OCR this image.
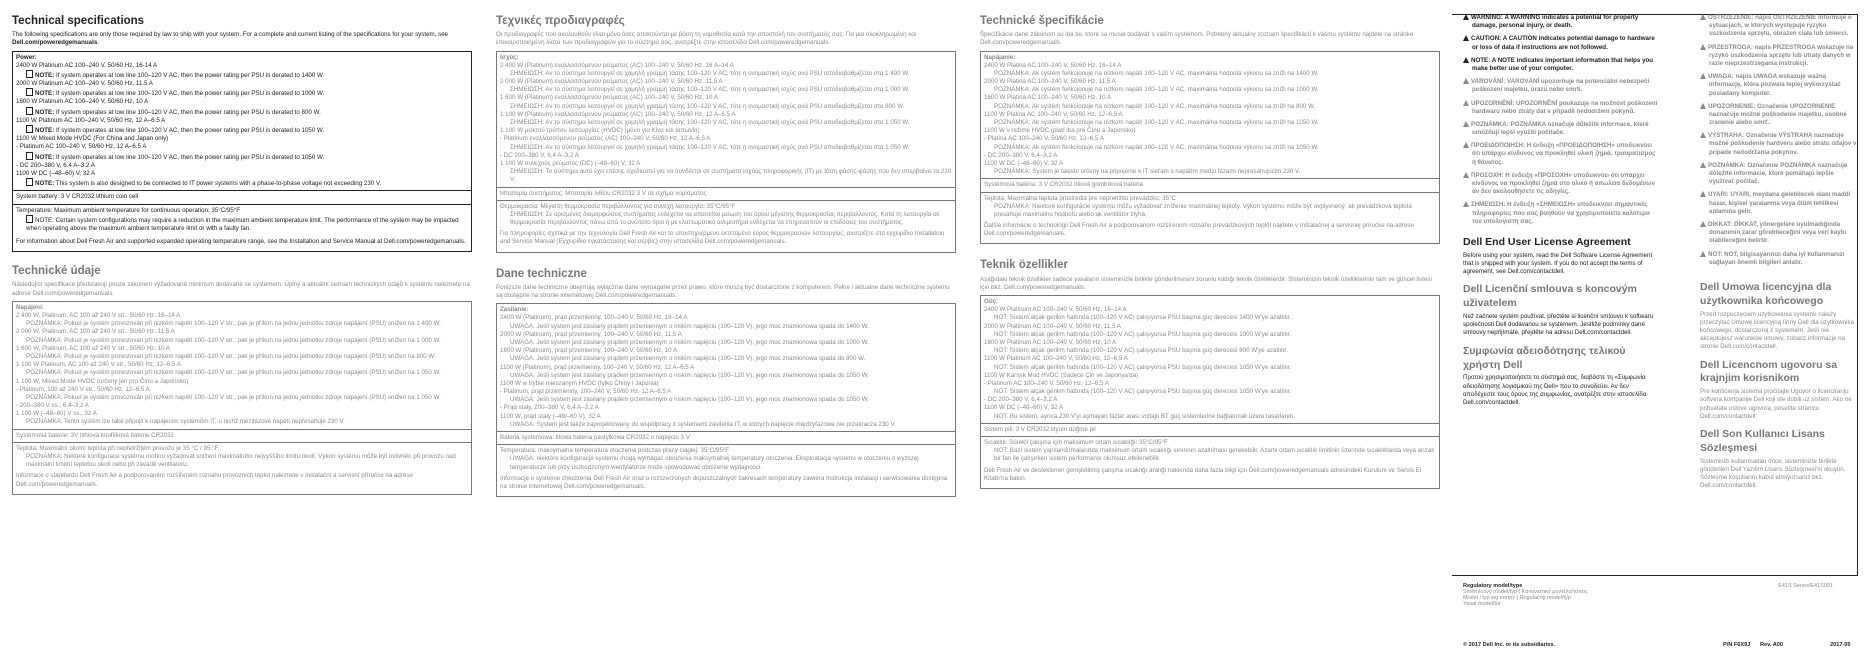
Technical specifications

The following specifications are only those required by law to ship with your system. For a complete and current listing of the specifications for your system, see Dell.com/poweredgemanuals.

Power:
2400 W Platinum AC 100–240 V, 50/60 Hz, 16-14 A
NOTE: If system operates at low line 100–120 V AC, then the power rating per PSU is derated to 1400 W.
2000 W Platinum AC 100–240 V, 50/60 Hz, 11.5 A
NOTE: If system operates at low line 100–120 V AC, then the power rating per PSU is derated to 1000 W.
1600 W Platinum AC 100–240 V, 50/60 Hz, 10 A
NOTE: If system operates at low line 100–120 V AC, then the power rating per PSU is derated to 800 W.
1100 W Platinum AC 100–240 V, 50/60 Hz, 12 A–6.5 A
NOTE: If system operates at low line 100–120 V AC, then the power rating per PSU is derated to 1050 W.
1100 W Mixed Mode HVDC (For China and Japan only)
- Platinum AC 100–240 V, 50/60 Hz, 12 A–6.5 A
NOTE: If system operates at low line 100–120 V AC, then the power rating per PSU is derated to 1050 W.
- DC 200–380 V, 6.4 A–3.2 A
1100 W DC (–48–60) V, 32 A
NOTE: This system is also designed to be connected to IT power systems with a phase-to-phase voltage not exceeding 230 V.
System battery: 3 V CR2032 lithium coin cell
Temperature: Maximum ambient temperature for continuous operation: 35°C/95°F
NOTE: Certain system configurations may require a reduction in the maximum ambient temperature limit. The performance of the system may be impacted when operating above the maximum ambient temperature limit or with a faulty fan.

For information about Dell Fresh Air and supported expanded operating temperature range, see the Installation and Service Manual at Dell.com/poweredgemanuals.

Technické údaje

Následující specifikace představují pouze zákonem vyžadované minimum dodávané se systémem. Úplný a aktuální seznam technických údajů k systému naleznete na adrese Dell.com/poweredgemanuals.

Napájení:
2 400 W, Platinum, AC 100 až 240 V str., 50/60 Hz, 16–14 A
POZNÁMKA: Pokud je systém provozován při nízkém napětí 100–120 V str., pak je příkon na jednu jednotku zdroje napájení (PSU) snížen na 1 400 W.
2 000 W, Platinum, AC 100 až 240 V str., 50/60 Hz, 11,5 A
POZNÁMKA: Pokud je systém provozován při nízkém napětí 100–120 V str., pak je příkon na jednu jednotku zdroje napájení (PSU) snížen na 1 000 W.
1 600 W, Platinum, AC 100 až 240 V str., 50/60 Hz, 10 A
POZNÁMKA: Pokud je systém provozován při nízkém napětí 100–120 V str., pak je příkon na jednu jednotku zdroje napájení (PSU) snížen na 800 W.
1 100 W Platinum, AC 100 až 240 V str., 50/60 Hz, 12–6,5 A
POZNÁMKA: Pokud je systém provozován při nízkém napětí 100–120 V str., pak je příkon na jednu jednotku zdroje napájení (PSU) snížen na 1 050 W.
1 100 W, Mixed Mode HVDC (určený jen pro Čínu a Japonsko)
- Platinum, 100 až 240 V str., 50/60 Hz, 12–6,5 A
POZNÁMKA: Pokud je systém provozován při nízkém napětí 100–120 V str., pak je příkon na jednu jednotku zdroje napájení (PSU) snížen na 1 050 W.
- 200–380 V ss., 6,4–3,2 A
1 100 W (–48–60) V ss., 32 A
POZNÁMKA: Tento systém lze také připojit k napájecím systémům IT, u nichž mezifázové napětí nepřesahuje 230 V.
Systémová baterie: 3V lithiová knoflíková baterie CR2032
Teplota: Maximální okolní teplota při nepřetržitém provozu je 35 °C / 95 °F.
POZNÁMKA: Některé konfigurace systému mohou vyžadovat snížení maximálního nejvyššího limitu okolí. Výkon systému může být ovlivněn při provozu nad maximální limitní teplotou okolí nebo při závadě ventilátoru.

Informace o standardu Dell Fresh Air a podporovaném rozšířeném rozsahu provozních teplot naleznete v instalační a servisní příručce na adrese Dell.com/poweredgemanuals.

Τεχνικές προδιαγραφές

Οι προδιαγραφές που ακολουθούν είναι μόνο όσες απαιτούνται με βάση τη νομοθεσία κατά την αποστολή του συστήματός σας. Για μια ολοκληρωμένη και επικαιροποιημένη λίστα των προδιαγραφών για το σύστημά σας, ανατρέξτε στην ιστοσελίδα Dell.com/poweredgemanuals.

Ισχύς:
2 400 W (Platinum) εναλλασσόμενου ρεύματος (AC) 100–240 V, 50/60 Hz, 16 A–14 A
ΣΗΜΕΙΩΣΗ: Αν το σύστημα λειτουργεί σε χαμηλή γραμμή τάσης 100–120 V AC, τότε η ονομαστική ισχύς ανά PSU αποδιαβαθμίζεται στα 1 400 W.
2 000 W (Platinum) εναλλασσόμενου ρεύματος (AC) 100–240 V, 50/60 Hz, 11,5 A
ΣΗΜΕΙΩΣΗ: Αν το σύστημα λειτουργεί σε χαμηλή γραμμή τάσης 100–120 V AC, τότε η ονομαστική ισχύς ανά PSU αποδιαβαθμίζεται στα 1 000 W.
1 600 W (Platinum) εναλλασσόμενου ρεύματος (AC) 100–240 V, 50/60 Hz, 10 A
ΣΗΜΕΙΩΣΗ: Αν το σύστημα λειτουργεί σε χαμηλή γραμμή τάσης 100–120 V AC, τότε η ονομαστική ισχύς ανά PSU αποδιαβαθμίζεται στα 800 W.
1 100 W (Platinum) εναλλασσόμενου ρεύματος (AC) 100–240 V, 50/60 Hz, 12 A–6,5 A
ΣΗΜΕΙΩΣΗ: Αν το σύστημα λειτουργεί σε χαμηλή γραμμή τάσης 100–120 V AC, τότε η ονομαστική ισχύς ανά PSU αποδιαβαθμίζεται στα 1 050 W.
1 100 W μεικτού τρόπου λειτουργίας (HVDC) (μόνο για Κίνα και Ιαπωνία)
- Platinum εναλλασσόμενου ρεύματος (AC) 100–240 V, 50/60 Hz, 12 A–6,5 A
ΣΗΜΕΙΩΣΗ: Αν το σύστημα λειτουργεί σε χαμηλή γραμμή τάσης 100–120 V AC, τότε η ονομαστική ισχύς ανά PSU αποδιαβαθμίζεται στα 1 050 W.
- DC 200–380 V, 6,4 A–3,2 A
1 100 W συνεχούς ρεύματος (DC) (–48–60) V, 32 A
ΣΗΜΕΙΩΣΗ: Το σύστημα αυτό έχει επίσης σχεδιαστεί για να συνδέεται σε συστήματα ισχύος πληροφορικής (IT) με τάση φάσης-φάσης που δεν υπερβαίνει τα 230 V.
Μπαταρία συστήματος: Μπαταρία λιθίου CR2032 3 V σε σχήμα νομίσματος
Θερμοκρασία: Μέγιστη θερμοκρασία περιβάλλοντος για συνεχή λειτουργία: 35°C/95°F
ΣΗΜΕΙΩΣΗ: Σε ορισμένες διαμορφώσεις συστήματος ενδέχεται να απαιτείται μείωση του ορίου μέγιστης θερμοκρασίας περιβάλλοντος. Κατά τη λειτουργία σε θερμοκρασία περιβάλλοντος πάνω από το ανώτατο όριο ή με ελαττωματικό ανεμιστήρα ενδέχεται να επηρεαστούν οι επιδόσεις του συστήματος.

Για πληροφορίες σχετικά με την τεχνολογία Dell Fresh Air και το υποστηριζόμενο εκτεταμένο εύρος θερμοκρασιών λειτουργίας, ανατρέξτε στο εγχειρίδιο Installation and Service Manual (Εγχειρίδιο εγκατάστασης και σέρβις) στην ιστοσελίδα Dell.com/poweredgemanuals.

Dane techniczne

Poniższe dane techniczne obejmują wyłącznie dane wymagane przez prawo, które muszą być dostarczone z komputerem. Pełne i aktualne dane techniczne systemu są dostępne na stronie internetowej Dell.com/poweredgemanuals.

Zasilanie:
2400 W (Platinum), prąd przemienny, 100–240 V, 50/60 Hz, 16–14 A
UWAGA: Jeśli system jest zasilany prądem przemiennym o niskim napięciu (100–120 V), jego moc znamionowa spada do 1400 W.
2000 W (Platinum), prąd przemienny, 100–240 V, 50/60 Hz, 11,5 A
UWAGA: Jeśli system jest zasilany prądem przemiennym o niskim napięciu (100–120 V), jego moc znamionowa spada do 1000 W.
1600 W (Platinum), prąd przemienny, 100–240 V, 50/60 Hz, 10 A
UWAGA: Jeśli system jest zasilany prądem przemiennym o niskim napięciu (100–120 V), jego moc znamionowa spada do 800 W.
1100 W (Platinum), prąd przemienny, 100–240 V, 50/60 Hz, 12 A–6,5 A
UWAGA: Jeśli system jest zasilany prądem przemiennym o niskim napięciu (100–120 V), jego moc znamionowa spada do 1050 W.
1100 W w trybie mieszanym HVDC (tylko Chiny i Japonia)
- Platinum, prąd przemienny, 100–240 V, 50/60 Hz, 12 A–6,5 A
UWAGA: Jeśli system jest zasilany prądem przemiennym o niskim napięciu (100–120 V), jego moc znamionowa spada do 1050 W.
- Prąd stały, 200–380 V, 6,4 A–3,2 A
1100 W, prąd stały (–48/–60 V), 32 A
UWAGA: System jest także zaprojektowany do współpracy z systemami zasilania IT, w których napięcie międzyfazowe nie przekracza 230 V.
Bateria systemowa: litowa bateria pastylkowa CR2032 o napięciu 3 V
Temperatura: maksymalna temperatura otoczenia podczas pracy ciągłej: 35°C/95°F
UWAGA: niektóre konfiguracje systemu mogą wymagać obniżenia maksymalnej temperatury otoczenia. Eksploatacja systemu w otoczeniu o wyższej temperaturze lub przy uszkodzonym wentylatorze może spowodować obniżenie wydajności.

Informacje o systemie chłodzenia Dell Fresh Air oraz o rozszerzonych dopuszczalnych zakresach temperatury zawiera Instrukcja instalacji i serwisowania dostępna na stronie internetowej Dell.com/poweredgemanuals.

Technické špecifikácie

Špecifikácie dané zákonom sú iba tie, ktoré sa musia dodávať s vaším systémom. Potrebný aktuálny zoznam špecifikácií k vášmu systému nájdete na stránke Dell.com/poweredgemanuals.

Napájanie:
2400 W Platina AC 100–240 V, 50/60 Hz, 16–14 A
POZNÁMKA: Ak systém funkcionuje na nízkom napätí 100–120 V AC, maximálna hodnota výkonu sa zníži na 1400 W.
2000 W Platina AC 100–240 V, 50/60 Hz, 11,5 A
POZNÁMKA: Ak systém funkcionuje na nízkom napätí 100–120 V AC, maximálna hodnota výkonu sa zníži na 1000 W.
1600 W Platina AC 100–240 V, 50/60 Hz, 10 A
POZNÁMKA: Ak systém funkcionuje na nízkom napätí 100–120 V AC, maximálna hodnota výkonu sa zníži na 800 W.
1100 W Platina AC 100–240 V, 50/60 Hz, 12–6,5 A
POZNÁMKA: Ak systém funkcionuje na nízkom napätí 100–120 V AC, maximálna hodnota výkonu sa zníži na 1050 W.
1100 W v režime HVDC (platí iba pre Čínu a Japonsko)
- Platina AC 100–240 V, 50/60 Hz, 12–6,5 A
POZNÁMKA: Ak systém funkcionuje na nízkom napätí 100–120 V AC, maximálna hodnota výkonu sa zníži na 1050 W.
- DC 200–380 V, 6,4–3,2 A
1100 W DC (–48–60) V, 32 A
POZNÁMKA: Systém je takisto určený na pripojenie k IT sieťam s napätím medzi fázami nepresahujúcim 230 V.
Systémová batéria: 3 V CR2032 lítiová gombíková batéria
Teplota: Maximálna teplota prostredia pre nepretržitú prevádzku: 35°C
POZNÁMKA: Niektoré konfigurácie systému môžu vyžadovať zníženie maximálnej teploty. Výkon systému môže byť ovplyvnený, ak prevádzková teplota presahuje maximálnu hodnotu alebo ak ventilátor zlyhá.

Ďalšie informácie o technológii Dell Fresh Air a podporovanom rozšírenom rozsahu prevádzkových teplôt nájdete v Inštalačnej a servisnej príručke na adrese Dell.com/poweredgemanuals.

Teknik özellikler

Aşağıdaki teknik özellikler sadece yasaların sisteminizle birlikte gönderilmesini zorunlu kıldığı teknik özelliklerdir. Sisteminizin teknik özelliklerinin tam ve güncel listesi için bkz. Dell.com/poweredgemanuals.

Güç:
2400 W Platinum AC 100–240 V, 50/60 Hz, 16–14 A
NOT: Sistem alçak gerilim hattında (100–120 V AC) çalışıyorsa PSU başına güç derecesi 1400 W'ye azaltılır.
2000 W Platinum AC 100–240 V, 50/60 Hz, 11,5 A
NOT: Sistem alçak gerilim hattında (100–120 V AC) çalışıyorsa PSU başına güç derecesi 1000 W'ye azaltılır.
1600 W Platinum AC 100–240 V, 50/60 Hz, 10 A
NOT: Sistem alçak gerilim hattında (100–120 V AC) çalışıyorsa PSU başına güç derecesi 800 W'ye azaltılır.
1100 W Platinum AC 100–240 V, 50/60 Hz, 12–6,5 A
NOT: Sistem alçak gerilim hattında (100–120 V AC) çalışıyorsa PSU başına güç derecesi 1050 W'ye azaltılır.
1100 W Karışık Mod HVDC (Sadece Çin ve Japonya'da)
- Platinum AC 100–240 V, 50/60 Hz, 12–6,5 A
NOT: Sistem alçak gerilim hattında (100–120 V AC) çalışıyorsa PSU başına güç derecesi 1050 W'ye azaltılır.
- DC 200–380 V, 6,4–3,2 A
1100 W DC (–48–60) V, 32 A
NOT: Bu sistem, ayrıca 230 V'yi aşmayan fazlar arası voltajlı BT güç sistemlerine bağlanmak üzere tasarlandı.
Sistem pili: 3 V CR2032 lityum düğme pil
Sıcaklık: Sürekli çalışma için maksimum ortam sıcaklığı: 35°C/95°F
NOT: Bazı sistem yapılandırmalarında maksimum ortam sıcaklığı sınırının azaltılması gerekebilir. Azami ortam sıcaklık limitinin üzerinde sıcaklıklarda veya arızalı bir fan ile çalışırken sistem performansı olumsuz etkilenebilir.

Dell Fresh Air ve desteklenen genişletilmiş çalışma sıcaklığı aralığı hakkında daha fazla bilgi için Dell.com/poweredgemanuals adresindeki Kurulum ve Servis El Kitabı'na bakın.

WARNING: A WARNING indicates a potential for property damage, personal injury, or death.
CAUTION: A CAUTION indicates potential damage to hardware or loss of data if instructions are not followed.
NOTE: A NOTE indicates important information that helps you make better use of your computer.
VAROVÁNÍ: VAROVÁNÍ upozorňuje na potenciální nebezpečí poškození majetku, úrazu nebo smrti.
UPOZORNĚNÍ: UPOZORNĚNÍ poukazuje na možnost poškození hardwaru nebo ztráty dat v případě nedodržení pokynů.
POZNÁMKA: POZNÁMKA označuje důležité informace, které umožňují lepší využití počítače.
ΠΡΟΕΙΔΟΠΟΙΗΣΗ: Η ένδειξη «ΠΡΟΕΙΔΟΠΟΙΗΣΗ» υποδεικνύει ότι υπάρχει κίνδυνος να προκληθεί υλική ζημιά, τραυματισμός ή θάνατος.
ΠΡΟΣΟΧΗ: Η ένδειξη «ΠΡΟΣΟΧΗ» υποδεικνύει ότι υπάρχει κίνδυνος να προκληθεί ζημιά στο υλικό ή απώλεια δεδομένων αν δεν ακολουθήσετε τις οδηγίες.
ΣΗΜΕΙΩΣΗ: Η ένδειξη «ΣΗΜΕΙΩΣΗ» υποδεικνύει σημαντικές πληροφορίες που σας βοηθούν να χρησιμοποιείτε καλύτερα τον υπολογιστή σας.
Dell End User License Agreement

Before using your system, read the Dell Software License Agreement that is shipped with your system. If you do not accept the terms of agreement, see Dell.com/contactdell.

Dell Licenční smlouva s koncovým uživatelem

Než začnete systém používat, přečtěte si licenční smlouvu k softwaru společnosti Dell dodávanou se systémem. Jestliže podmínky dané smlouvy nepřijímáte, přejděte na adresu Dell.com/contactdell.

Συμφωνία αδειοδότησης τελικού χρήστη Dell

Προτού χρησιμοποιήσετε το σύστημά σας, διαβάστε τη «Συμφωνία αδειοδότησης λογισμικού της Dell» που το συνοδεύει. Αν δεν αποδέχεστε τους όρους της συμφωνίας, ανατρέξτε στην ιστοσελίδα Dell.com/contactdell.

OSTRZEŻENIE: napis OSTRZEŻENIE informuje o sytuacjach, w których występuje ryzyko uszkodzenia sprzętu, obrażeń ciała lub śmierci.
PRZESTROGA: napis PRZESTROGA wskazuje na ryzyko uszkodzenia sprzętu lub utraty danych w razie nieprzestrzegania instrukcji.
UWAGA: napis UWAGA wskazuje ważną informację, która pozwala lepiej wykorzystać posiadany komputer.
UPOZORNENIE: Označenie UPOZORNENIE naznačuje možné poškodenie majetku, osobné zranenie alebo smrť.
VÝSTRAHA: Označenie VÝSTRAHA naznačuje možné poškodenie hardvéru alebo stratu údajov v prípade nedodržania pokynov.
POZNÁMKA: Označenie POZNÁMKA naznačuje dôležité informácie, ktoré pomáhajú lepšie využívať počítač.
UYARI: UYARI, meydana gelebilecek olası maddi hasar, kişisel yaralanma veya ölüm tehlikesi anlamına gelir.
DİKKAT: DİKKAT, yönergelere uyulmadığında donanımın zarar görebileceğini veya veri kaybı olabileceğini belirtir.
NOT: NOT, bilgisayarınızı daha iyi kullanmanızı sağlayan önemli bilgileri anlatır.
Dell Umowa licencyjna dla użytkownika końcowego

Przed rozpoczęciem użytkowania systemu należy przeczytać Umowę licencyjną firmy Dell dla użytkownika końcowego, dostarczoną z systemem. Jeśli nie akceptujesz warunków umowy, zobacz informacje na stronie Dell.com/contactdell.

Dell Licencnom ugovoru sa krajnjim korisnikom

Pre korišćenja sistema pročitajte Ugovor o licenciranju softvera kompanije Dell koji ste dobili uz sistem. Ako ne prihvatate uslove ugovora, posetite stranicu Dell.com/contactdell.

Dell Son Kullanıcı Lisans Sözleşmesi

Sisteminizi kullanmadan önce, sisteminizle birlikte gönderilen Dell Yazılım Lisans Sözleşmesi'ni okuyun. Sözleşme koşullarını kabul etmiyorsanız bkz. Dell.com/contactdell.

Regulatory model/type	E41S Series/E41S001
Směrnicový model/typ | Κανονιστικό μοντέλο/τύπος
Model i typ wg normy | Regulačný model/typ
Yasal model/tür
© 2017 Dell Inc. or its subsidiaries.	P/N F6X9J Rev. A00	2017-05
